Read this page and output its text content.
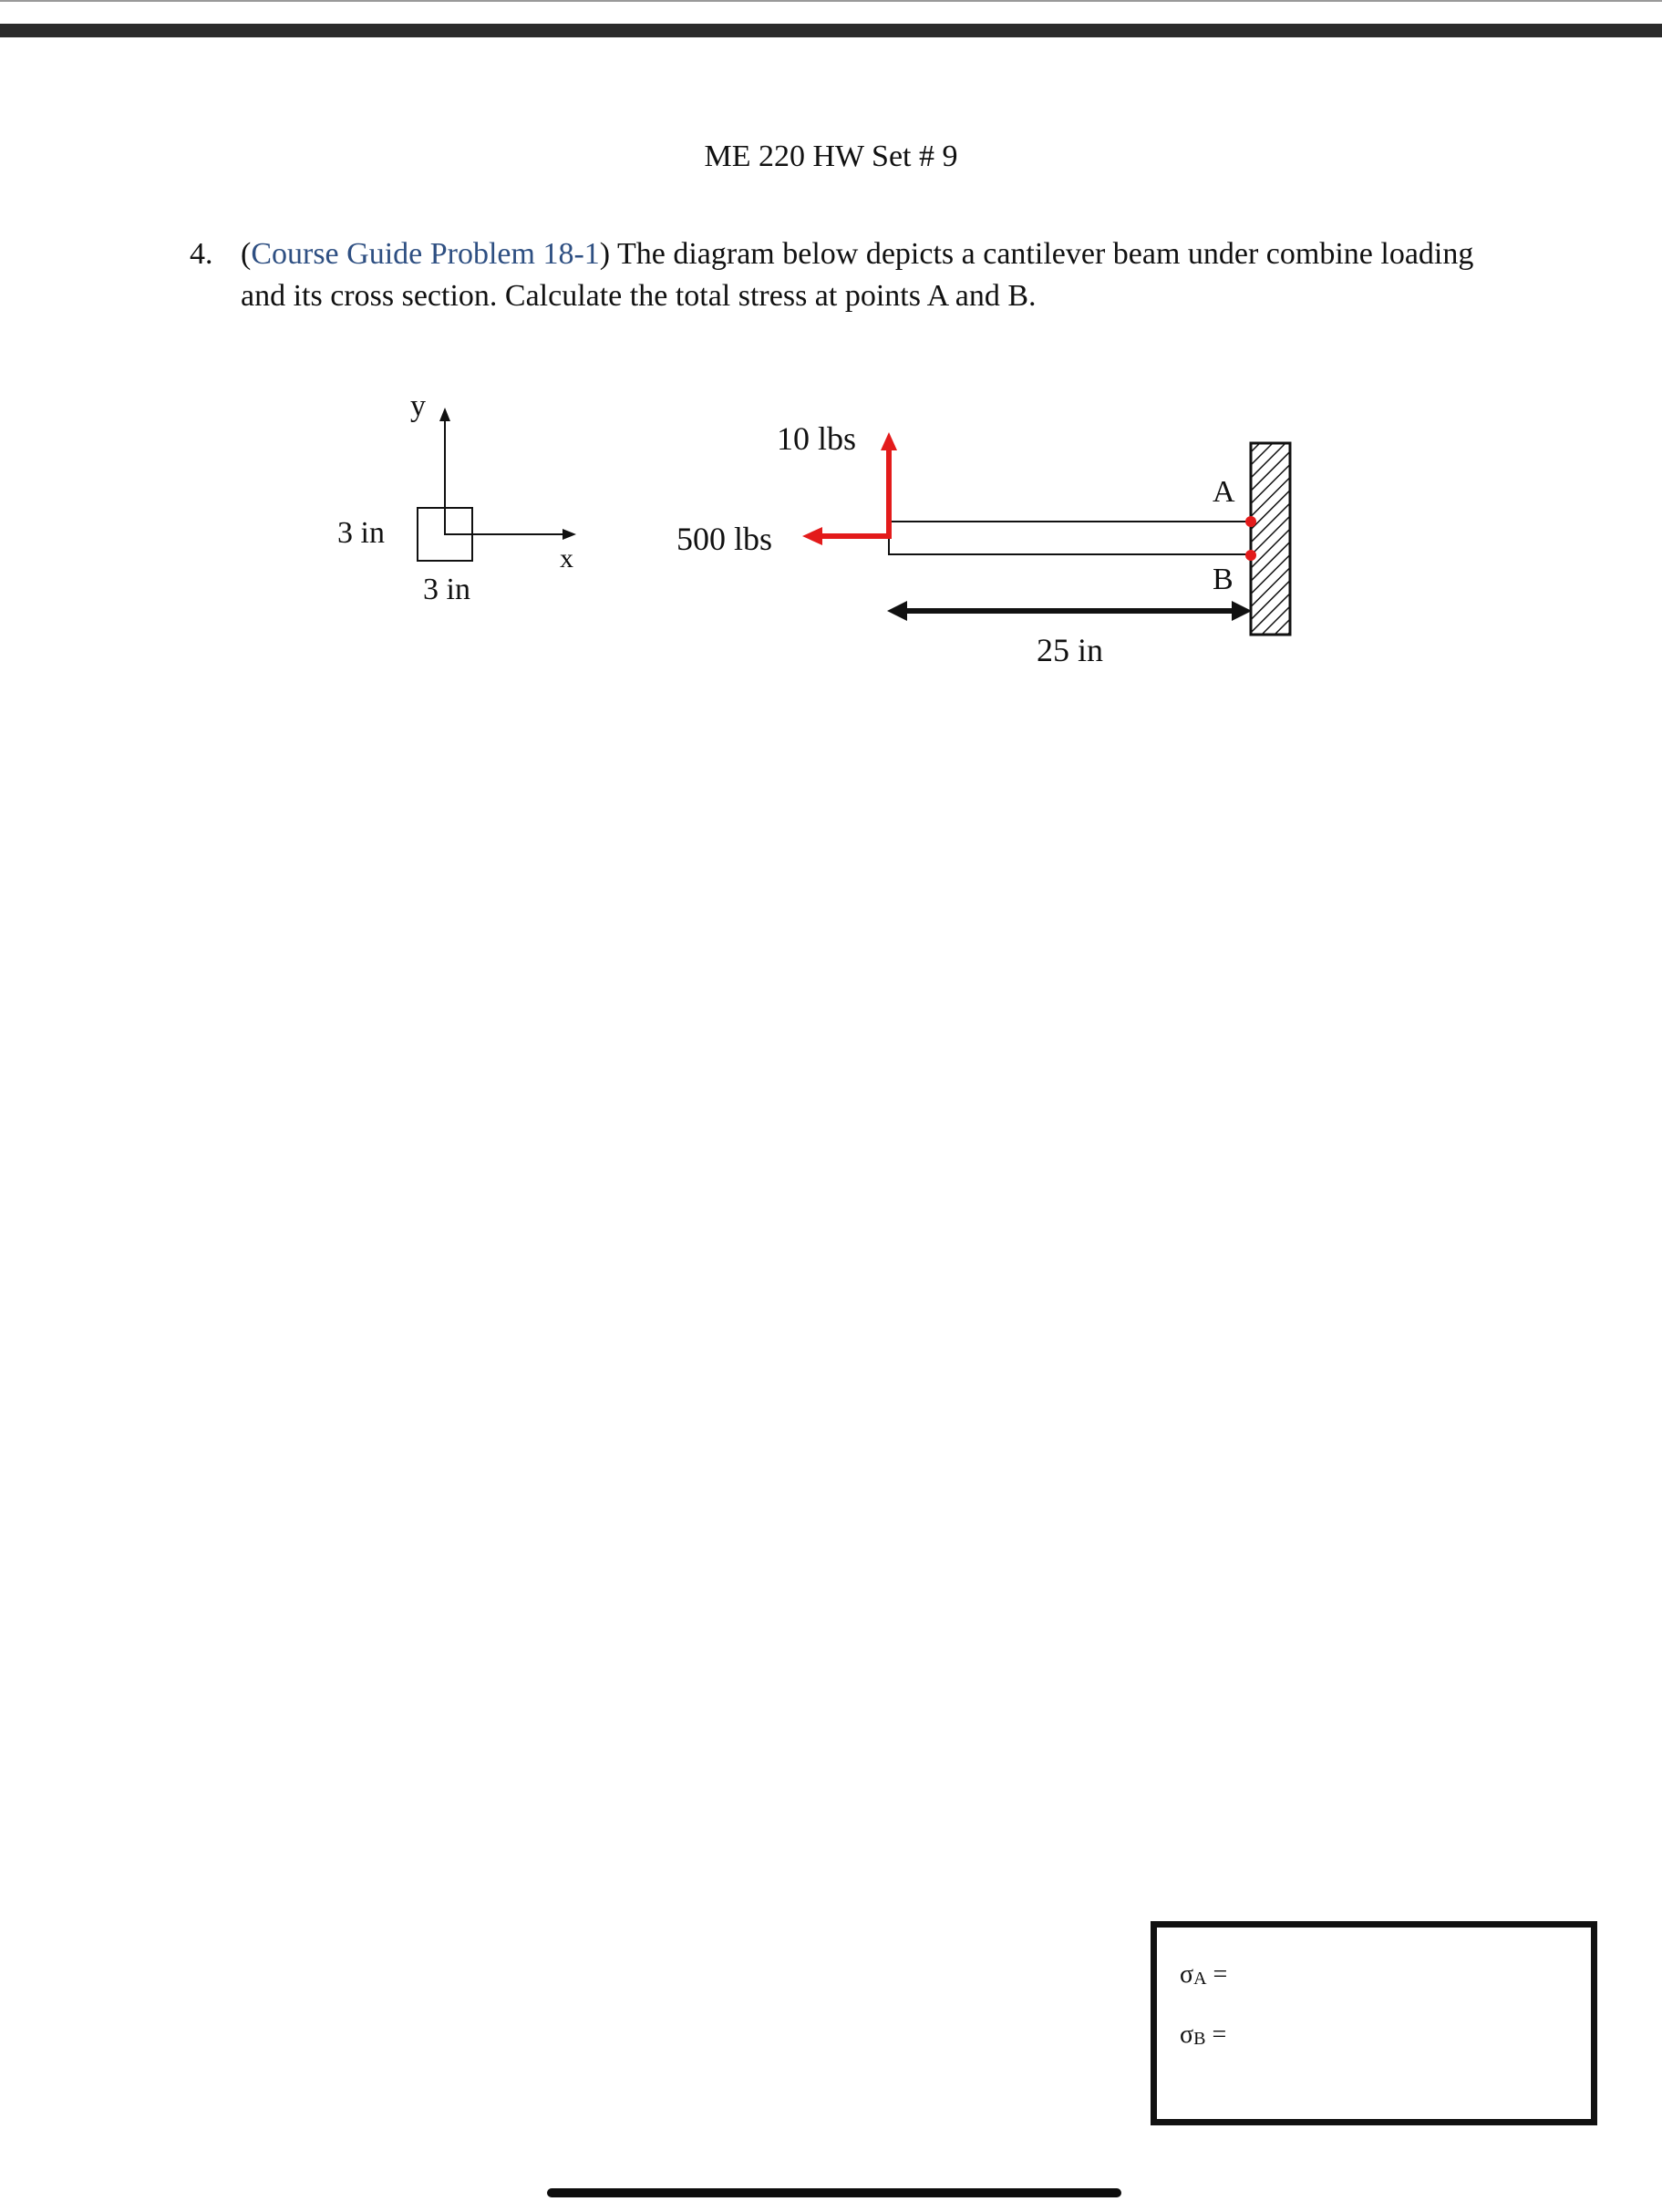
ME 220 HW Set # 9
4. (Course Guide Problem 18-1) The diagram below depicts a cantilever beam under combine loading and its cross section. Calculate the total stress at points A and B.
y
x
3 in
3 in
10 lbs
500 lbs
A
B
25 in
$\sigma_A$ =
$\sigma_B$ =
